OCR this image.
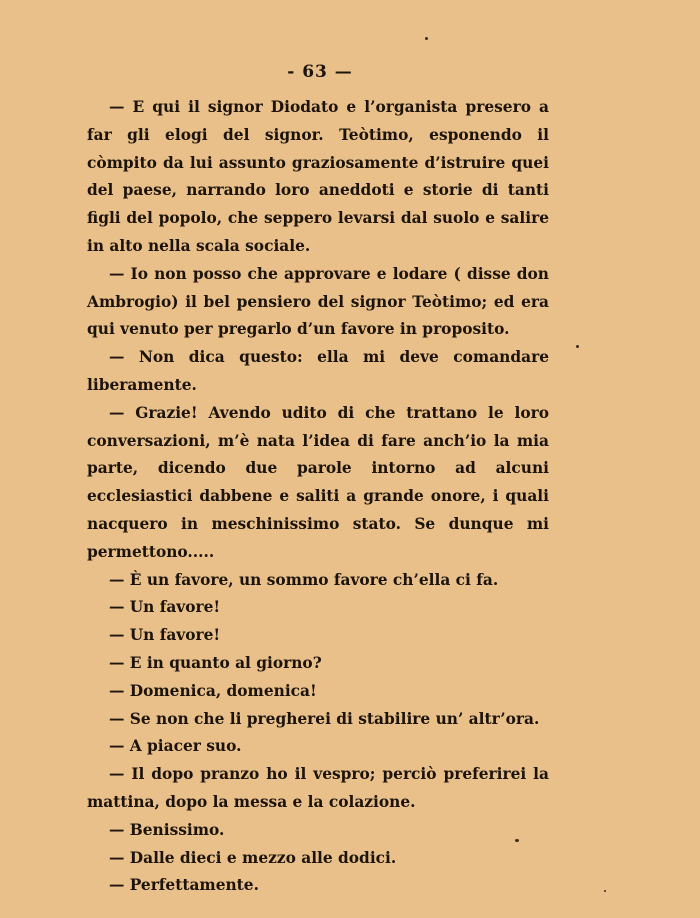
- 63 —

— E qui il signor Diodato e l’organista presero a far gli elogi del signor. Teòtimo, esponendo il còmpito da lui assunto graziosamente d’istruire quei del paese, narrando loro aneddoti e storie di tanti figli del popolo, che seppero levarsi dal suolo e salire in alto nella scala sociale.

— Io non posso che approvare e lodare ( disse don Ambrogio) il bel pensiero del signor Teòtimo; ed era qui venuto per pregarlo d’un favore in proposito.

— Non dica questo: ella mi deve comandare liberamente.

— Grazie! Avendo udito di che trattano le loro conversazioni, m’è nata l’idea di fare anch’io la mia parte, dicendo due parole intorno ad alcuni ecclesiastici dabbene e saliti a grande onore, i quali nacquero in meschinissimo stato. Se dunque mi permettono.....

— È un favore, un sommo favore ch’ella ci fa.

— Un favore!

— Un favore!

— E in quanto al giorno?

— Domenica, domenica!

— Se non che li pregherei di stabilire un’ altr’ora.

— A piacer suo.

— Il dopo pranzo ho il vespro; perciò preferirei la mattina, dopo la messa e la colazione.

— Benissimo.

— Dalle dieci e mezzo alle dodici.

— Perfettamente.
